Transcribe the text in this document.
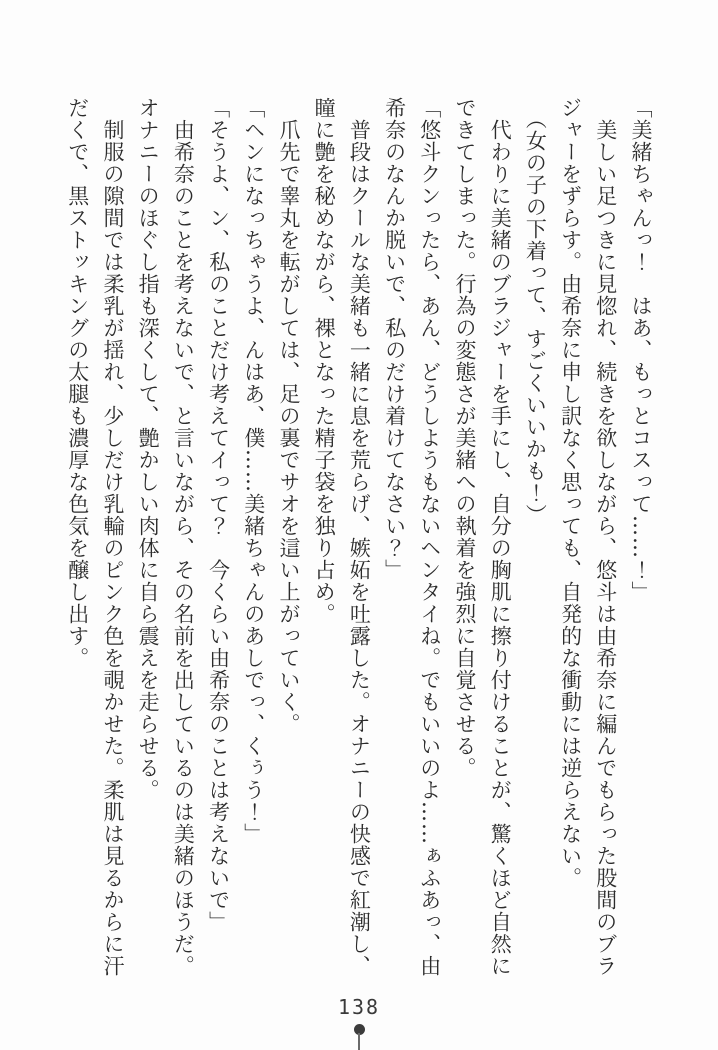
「美緒ちゃんっ！　はあ、もっとコスって……！」
美しい足つきに見惚れ、続きを欲しながら、悠斗は由希奈に編んでもらった股間のブラ
ジャーをずらす。由希奈に申し訳なく思っても、自発的な衝動には逆らえない。
（女の子の下着って、すごくいいかも！）
代わりに美緒のブラジャーを手にし、自分の胸肌に擦り付けることが、驚くほど自然に
できてしまった。行為の変態さが美緒への執着を強烈に自覚させる。
「悠斗クンったら、あん、どうしようもないヘンタイね。でもいいのよ……ぁふあっ、由
希奈のなんか脱いで、私のだけ着けてなさい？」
普段はクールな美緒も一緒に息を荒らげ、嫉妬を吐露した。オナニーの快感で紅潮し、
瞳に艶を秘めながら、裸となった精子袋を独り占め。
爪先で睾丸を転がしては、足の裏でサオを這い上がっていく。
「ヘンになっちゃうよ、んはあ、僕……美緒ちゃんのあしでっ、くぅう！」
「そうよ、ン、私のことだけ考えてイって？　今くらい由希奈のことは考えないで」
由希奈のことを考えないで、と言いながら、その名前を出しているのは美緒のほうだ。
オナニーのほぐし指も深くして、艶かしい肉体に自ら震えを走らせる。
制服の隙間では柔乳が揺れ、少しだけ乳輪のピンク色を覗かせた。柔肌は見るからに汗
だくで、黒ストッキングの太腿も濃厚な色気を醸し出す。
138
